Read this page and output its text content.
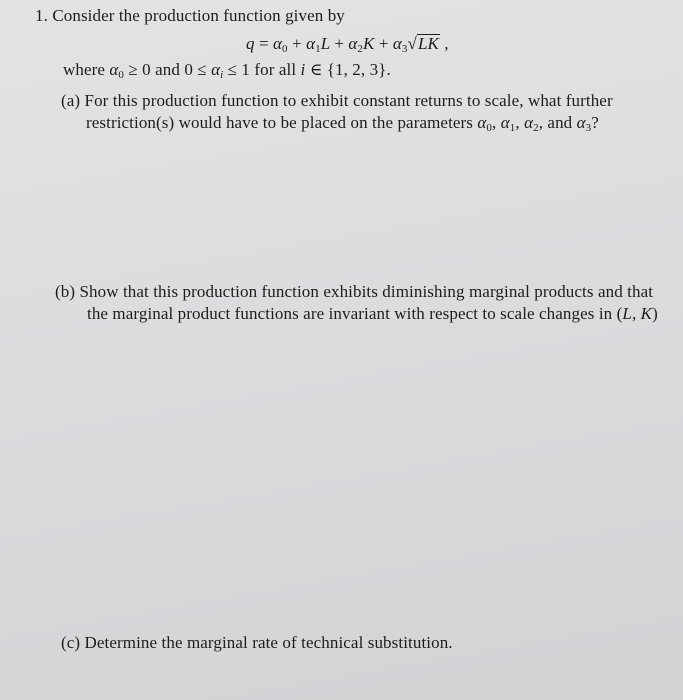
1. Consider the production function given by
$q = \alpha_0 + \alpha_1L + \alpha_2K + \alpha_3√LK$ ,
where $\alpha_0 \ge 0$ and $0 \le \alpha_i \le 1$ for all i ∈ {1, 2, 3}.
(a) For this production function to exhibit constant returns to scale, what further
restriction(s) would have to be placed on the parameters $\alpha_0$, $\alpha_1$, $\alpha_2$, and $\alpha_3$?
(b) Show that this production function exhibits diminishing marginal products and that
the marginal product functions are invariant with respect to scale changes in (L, K)
(c) Determine the marginal rate of technical substitution.
